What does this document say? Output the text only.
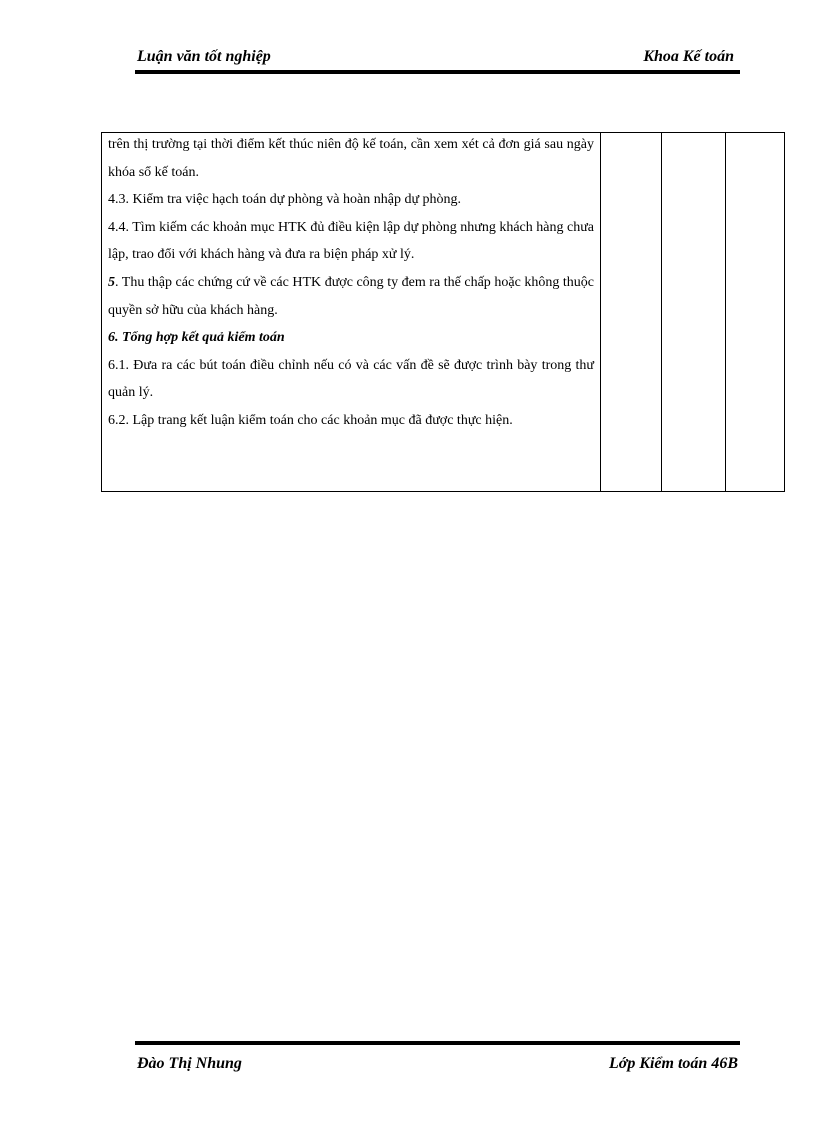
Luận văn tốt nghiệp	Khoa Kế toán

trên thị trường tại thời điểm kết thúc niên độ kế toán, cần xem xét cả đơn giá sau ngày khóa sổ kế toán.

4.3. Kiểm tra việc hạch toán dự phòng và hoàn nhập dự phòng.

4.4. Tìm kiếm các khoản mục HTK đủ điều kiện lập dự phòng nhưng khách hàng chưa lập, trao đổi với khách hàng và đưa ra biện pháp xử lý.

5. Thu thập các chứng cứ về các HTK được công ty đem ra thế chấp hoặc không thuộc quyền sở hữu của khách hàng.

6. Tổng hợp kết quả kiểm toán

6.1. Đưa ra các bút toán điều chỉnh nếu có và các vấn đề sẽ được trình bày trong thư quản lý.

6.2. Lập trang kết luận kiểm toán cho các khoản mục đã được thực hiện.

Đào Thị Nhung	Lớp Kiểm toán 46B
